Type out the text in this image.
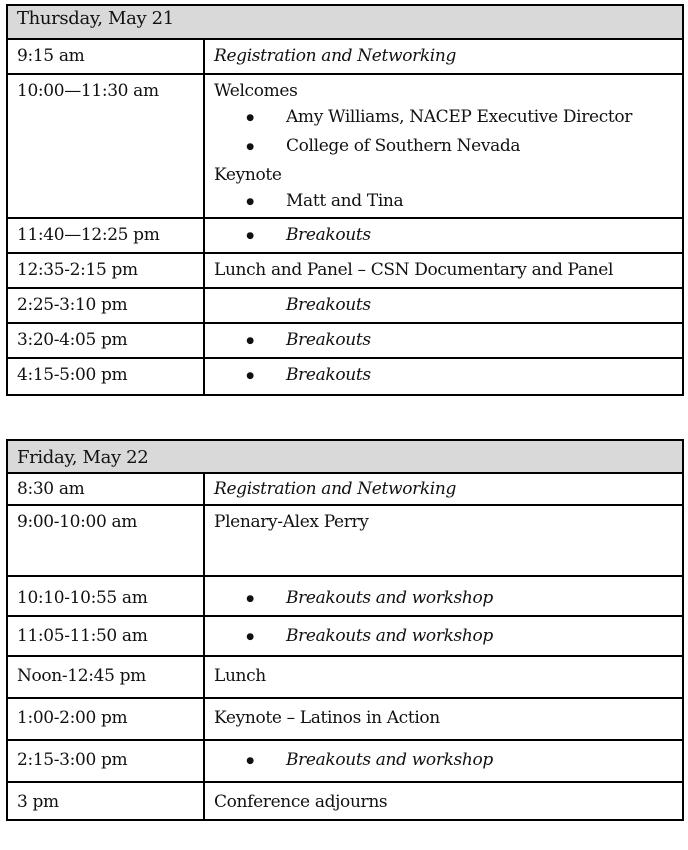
Thursday, May 21	
9:15 am	Registration and Networking
10:00—11:30 am	Welcomes
●Amy Williams, NACEP Executive Director
●College of Southern Nevada
Keynote
●Matt and Tina

11:40—12:25 pm	●Breakouts
12:35-2:15 pm	Lunch and Panel – CSN Documentary and Panel
2:25-3:10 pm	Breakouts
3:20-4:05 pm	●Breakouts
4:15-5:00 pm	●Breakouts
Friday, May 22	
8:30 am	Registration and Networking
9:00-10:00 am	Plenary-Alex Perry
10:10-10:55 am	●Breakouts and workshop
11:05-11:50 am	●Breakouts and workshop
Noon-12:45 pm	Lunch
1:00-2:00 pm	Keynote – Latinos in Action
2:15-3:00 pm	●Breakouts and workshop
3 pm	Conference adjourns
